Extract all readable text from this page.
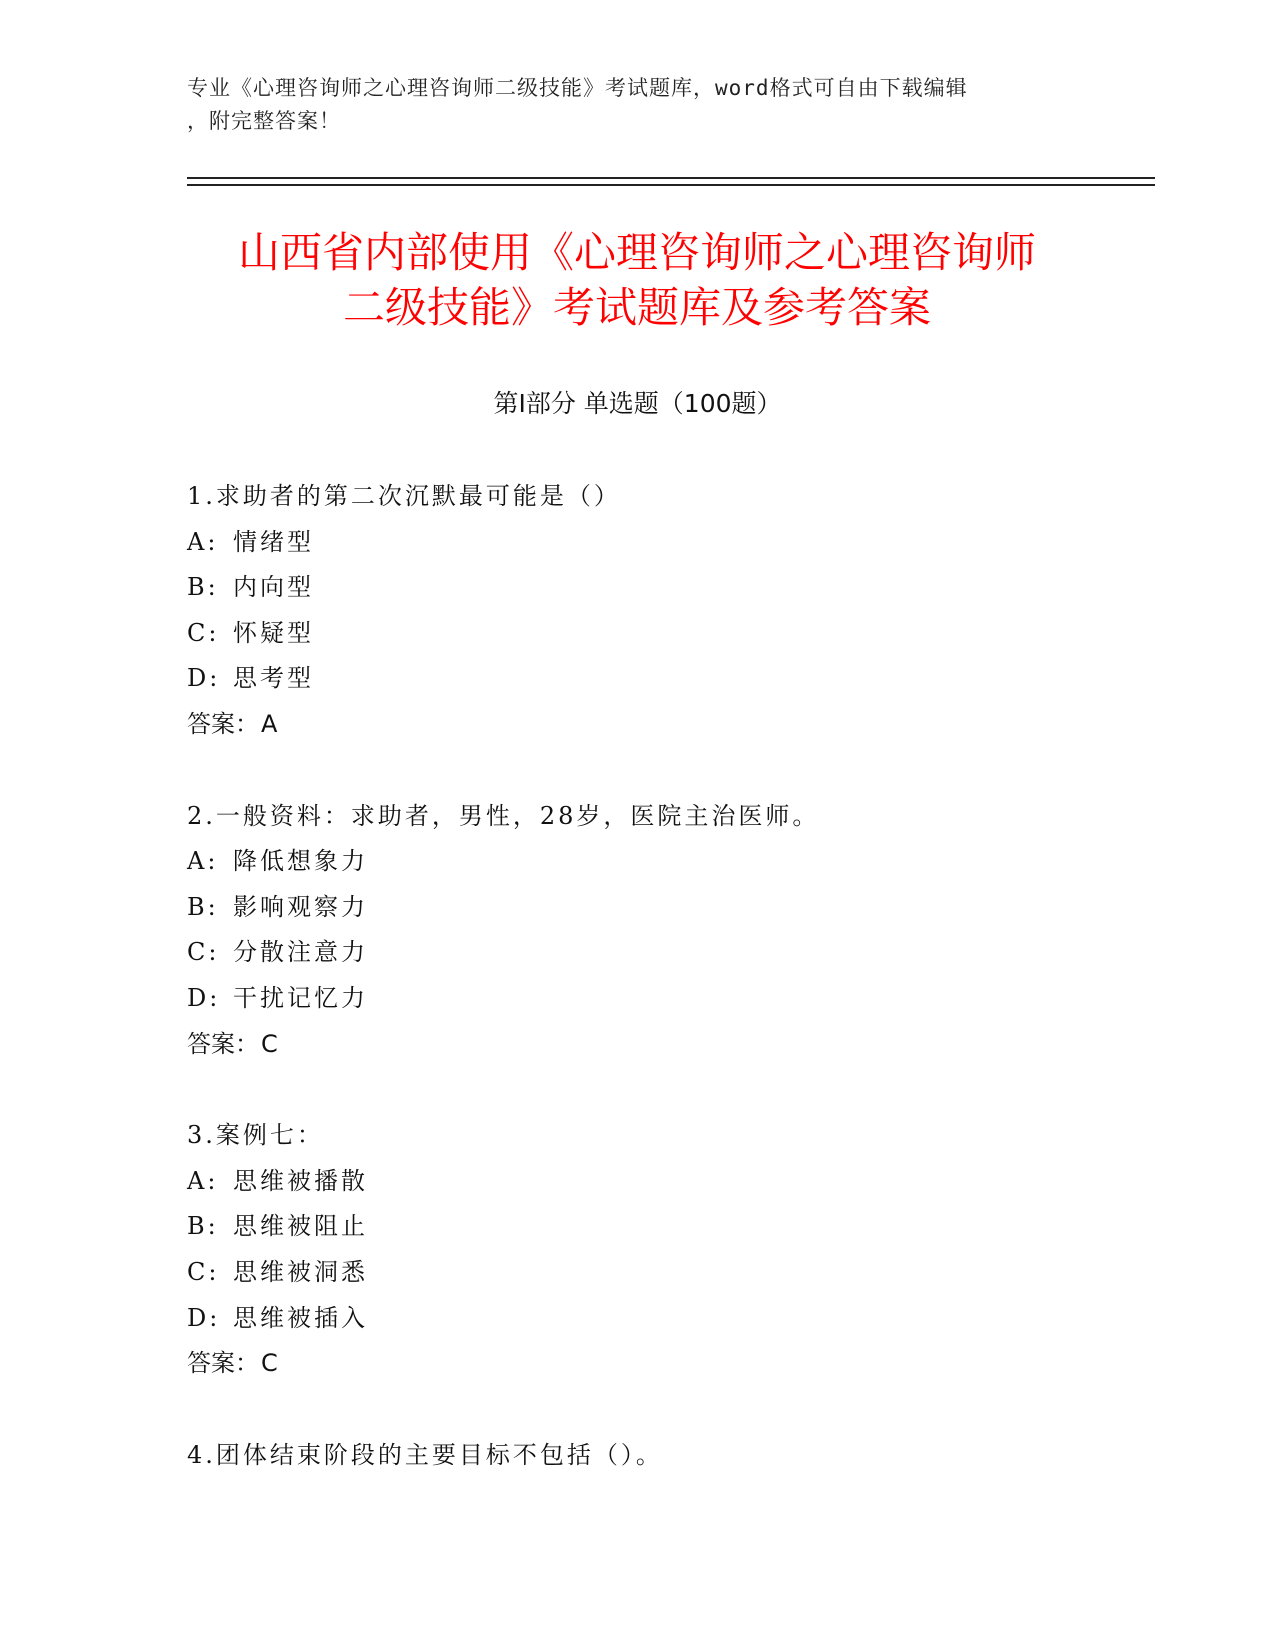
专业《心理咨询师之心理咨询师二级技能》考试题库，word格式可自由下载编辑
，附完整答案！
山西省内部使用《心理咨询师之心理咨询师
二级技能》考试题库及参考答案
第Ⅰ部分 单选题（100题）
1.求助者的第二次沉默最可能是（）
A: 情绪型
B: 内向型
C: 怀疑型
D: 思考型
答案：A
2.一般资料：求助者，男性，28岁，医院主治医师。
A: 降低想象力
B: 影响观察力
C: 分散注意力
D: 干扰记忆力
答案：C
3.案例七：
A: 思维被播散
B: 思维被阻止
C: 思维被洞悉
D: 思维被插入
答案：C
4.团体结束阶段的主要目标不包括（）。
